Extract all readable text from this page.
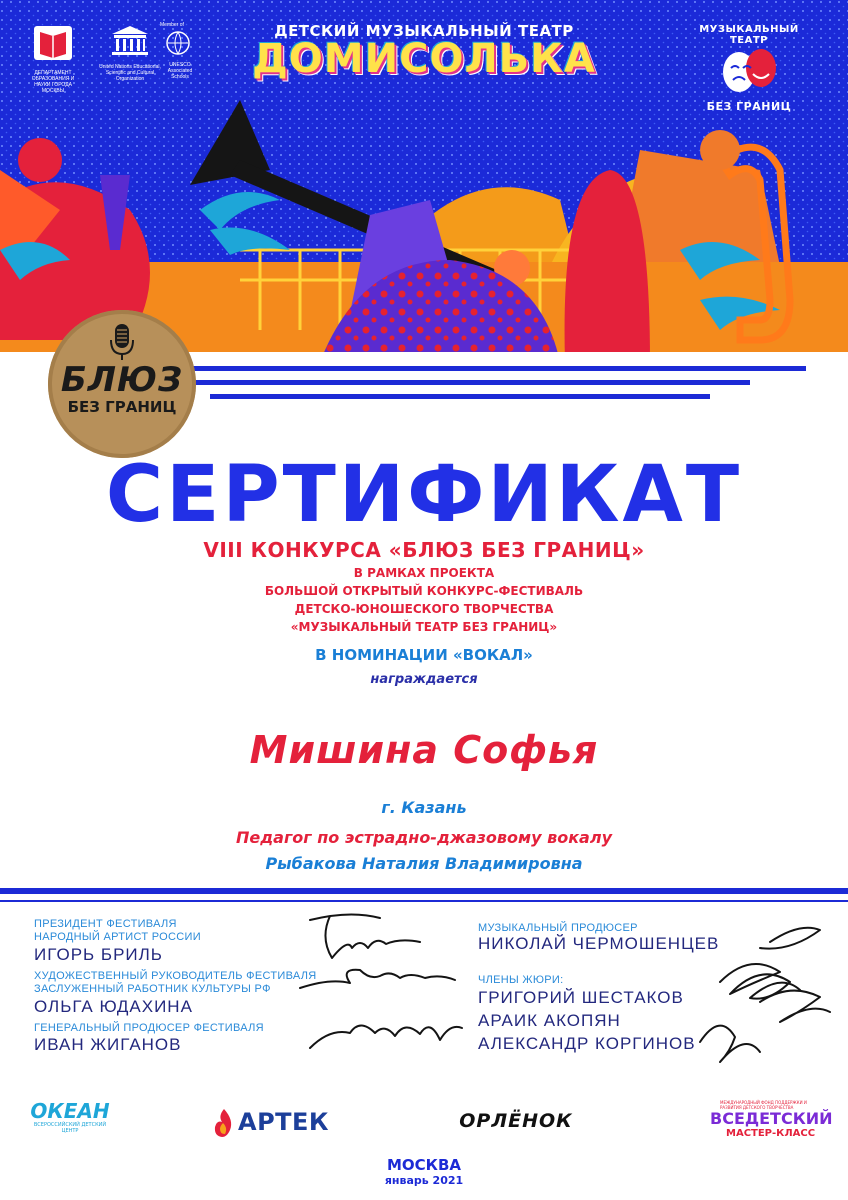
ДЕПАРТАМЕНТ ОБРАЗОВАНИЯ И НАУКИ ГОРОДА МОСКВЫ
United Nations Educational, Scientific and Cultural Organization
Member of
UNESCO Associated Schools
ДЕТСКИЙ МУЗЫКАЛЬНЫЙ ТЕАТР
ДОМИСОЛЬКА
МУЗЫКАЛЬНЫЙ ТЕАТР
БЕЗ ГРАНИЦ
БЛЮЗ
БЕЗ ГРАНИЦ
СЕРТИФИКАТ
VIII КОНКУРСА «БЛЮЗ БЕЗ ГРАНИЦ»
В РАМКАХ ПРОЕКТА
БОЛЬШОЙ ОТКРЫТЫЙ КОНКУРС-ФЕСТИВАЛЬ
ДЕТСКО-ЮНОШЕСКОГО ТВОРЧЕСТВА
«МУЗЫКАЛЬНЫЙ ТЕАТР БЕЗ ГРАНИЦ»
В НОМИНАЦИИ «ВОКАЛ»
награждается
Мишина Софья
г. Казань
Педагог по эстрадно-джазовому вокалу
Рыбакова Наталия Владимировна
ПРЕЗИДЕНТ ФЕСТИВАЛЯ
НАРОДНЫЙ АРТИСТ РОССИИ
ИГОРЬ БРИЛЬ
ХУДОЖЕСТВЕННЫЙ РУКОВОДИТЕЛЬ ФЕСТИВАЛЯ
ЗАСЛУЖЕННЫЙ РАБОТНИК КУЛЬТУРЫ РФ
ОЛЬГА ЮДАХИНА
ГЕНЕРАЛЬНЫЙ ПРОДЮСЕР ФЕСТИВАЛЯ
ИВАН ЖИГАНОВ
МУЗЫКАЛЬНЫЙ ПРОДЮСЕР
НИКОЛАЙ ЧЕРМОШЕНЦЕВ
ЧЛЕНЫ ЖЮРИ:
ГРИГОРИЙ ШЕСТАКОВ
АРАИК АКОПЯН
АЛЕКСАНДР КОРГИНОВ
ОКЕАН
ВСЕРОССИЙСКИЙ ДЕТСКИЙ ЦЕНТР	АРТЕК	ОРЛЁНОК
МЕЖДУНАРОДНЫЙ ФОНД ПОДДЕРЖКИ И РАЗВИТИЯ ДЕТСКОГО ТВОРЧЕСТВА
ВСЕДЕТСКИЙ
МАСТЕР-КЛАСС
МОСКВА
январь 2021
